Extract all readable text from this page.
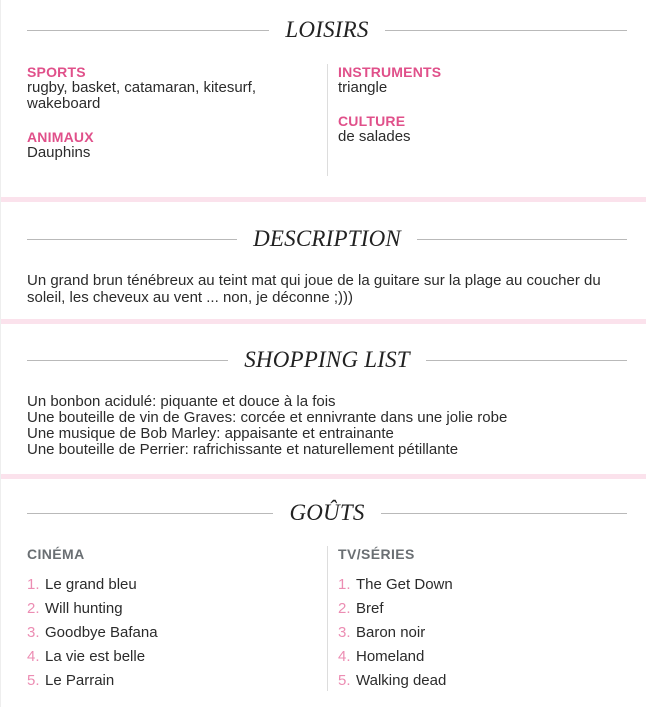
LOISIRS
SPORTS
rugby, basket, catamaran, kitesurf, wakeboard
ANIMAUX
Dauphins
INSTRUMENTS
triangle
CULTURE
de salades
DESCRIPTION
Un grand brun ténébreux au teint mat qui joue de la guitare sur la plage au coucher du soleil, les cheveux au vent ... non, je déconne ;)))
SHOPPING LIST
Un bonbon acidulé: piquante et douce à la fois
Une bouteille de vin de Graves: corcée et ennivrante dans une jolie robe
Une musique de Bob Marley: appaisante et entrainante
Une bouteille de Perrier: rafrichissante et naturellement pétillante
GOÛTS
CINÉMA
1. Le grand bleu
2. Will hunting
3. Goodbye Bafana
4. La vie est belle
5. Le Parrain
TV/SÉRIES
1. The Get Down
2. Bref
3. Baron noir
4. Homeland
5. Walking dead
